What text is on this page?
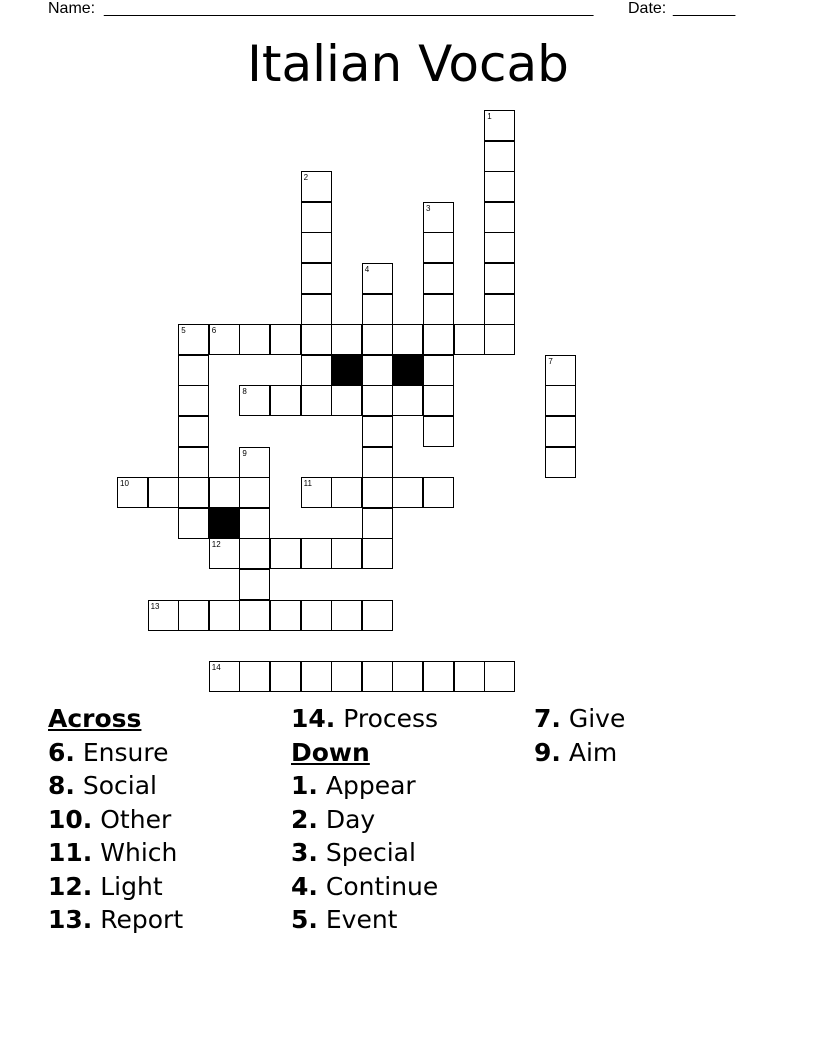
Name: _______________________________________________________ Date: _______
Italian Vocab
6
8
10	11
12
13
14
1
2
3
4
5
7
9
Across
6. Ensure
8. Social
10. Other
11. Which
12. Light
13. Report
14. Process
Down
1. Appear
2. Day
3. Special
4. Continue
5. Event
7. Give
9. Aim
